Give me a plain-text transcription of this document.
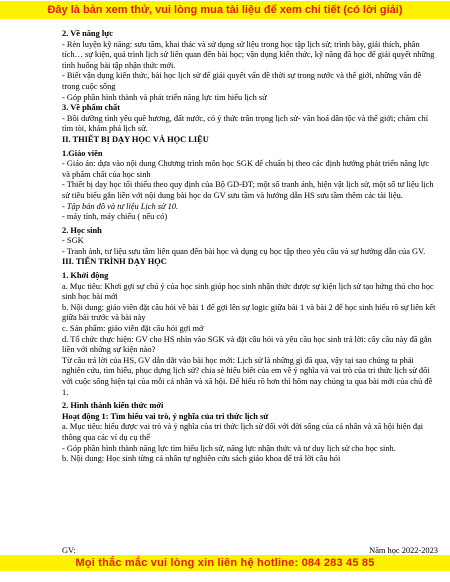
Đây là bản xem thử, vui lòng mua tài liệu để xem chi tiết (có lời giải)

2. Về năng lực

- Rèn luyện kỹ năng: sưu tầm, khai thác và sử dụng sử liệu trong học tập lịch sử; trình bày, giải thích, phân tích… sự kiện, quá trình lịch sử liên quan đến bài học; vận dụng kiến thức, kỹ năng đã học để giải quyết những tình huống bài tập nhận thức mới.

- Biết vận dụng kiến thức, bài học lịch sử để giải quyết vấn đề thời sự trong nước và thế giới, những vấn đề trong cuộc sống

- Góp phần hình thành và phát triển năng lực tìm hiểu lịch sử

3. Về phẩm chất

- Bồi dưỡng tình yêu quê hương, đất nước, có ý thức trân trọng lịch sử- văn hoá dân tộc và thế giới; chăm chỉ tìm tòi, khám phá lịch sử.

II. THIẾT BỊ DẠY HỌC VÀ HỌC LIỆU

1.Giáo viên

- Giáo án: dựa vào nội dung Chương trình môn học SGK để chuẩn bị theo các định hướng phát triển năng lực và phẩm chất của học sinh

- Thiết bị dạy học tối thiểu theo quy định của Bộ GD-ĐT; một số tranh ảnh, hiện vật lịch sử, một số tư liệu lịch sử tiêu biểu gắn liền với nội dung bài học do GV sưu tầm và hướng dẫn HS sưu tầm thêm các tài liệu.

- Tập bản đồ và tư liệu Lịch sử 10.

- máy tính, máy chiếu ( nếu có)

2. Học sinh

- SGK

- Tranh ảnh, tư liệu sưu tầm liên quan đến bài học và dụng cụ học tập theo yêu cầu và sự hướng dẫn của GV.

III. TIẾN TRÌNH DẠY HỌC

1. Khởi động

a. Mục tiêu: Khơi gợi sự chú ý của học sinh giúp học sinh nhận thức được sự kiện lịch sử tạo hứng thú cho học sinh học bài mới

b. Nội dung: giáo viên đặt câu hỏi về bài 1 để gợi lên sự logic giữa bài 1 và bài 2 để học sinh hiểu rõ sự liên kết giữa bài trước và bài này

c. Sản phẩm: giáo viên đặt câu hỏi gợi mở

d. Tổ chức thực hiện: GV cho HS nhìn vào SGK và đặt câu hỏi và yêu cầu học sinh trả lời: cây cầu này đã gắn liền với những sự kiện nào?

Từ câu trả lời của HS, GV dẫn dắt vào bài học mới: Lịch sử là những gì đã qua, vậy tại sao chúng ta phải nghiên cứu, tìm hiểu, phục dựng lịch sử? chia sẻ hiểu biết của em về ý nghĩa và vai trò của tri thức lịch sử đối với cuộc sống hiện tại của mỗi cá nhân và xã hội. Để hiểu rõ hơn thì hôm nay chúng ta qua bài mới của chủ đề 1.

2. Hình thành kiến thức mới

Hoạt động 1: Tìm hiểu vai trò, ý nghĩa của tri thức lịch sử

a. Mục tiêu: hiểu được vai trò và ý nghĩa của tri thức lịch sử đối với đời sống của cá nhân và xã hội hiện đại thông qua các ví dụ cụ thể

- Góp phần hình thành năng lực tìm hiểu lịch sử, năng lực nhận thức và tư duy lịch sử cho học sinh.

b. Nội dung: Học sinh từng cá nhân tự nghiên cứu sách giáo khoa để trả lời câu hỏi

GV:	Năm học 2022-2023
Mọi thắc mắc vui lòng xin liên hệ hotline: 084 283 45 85
